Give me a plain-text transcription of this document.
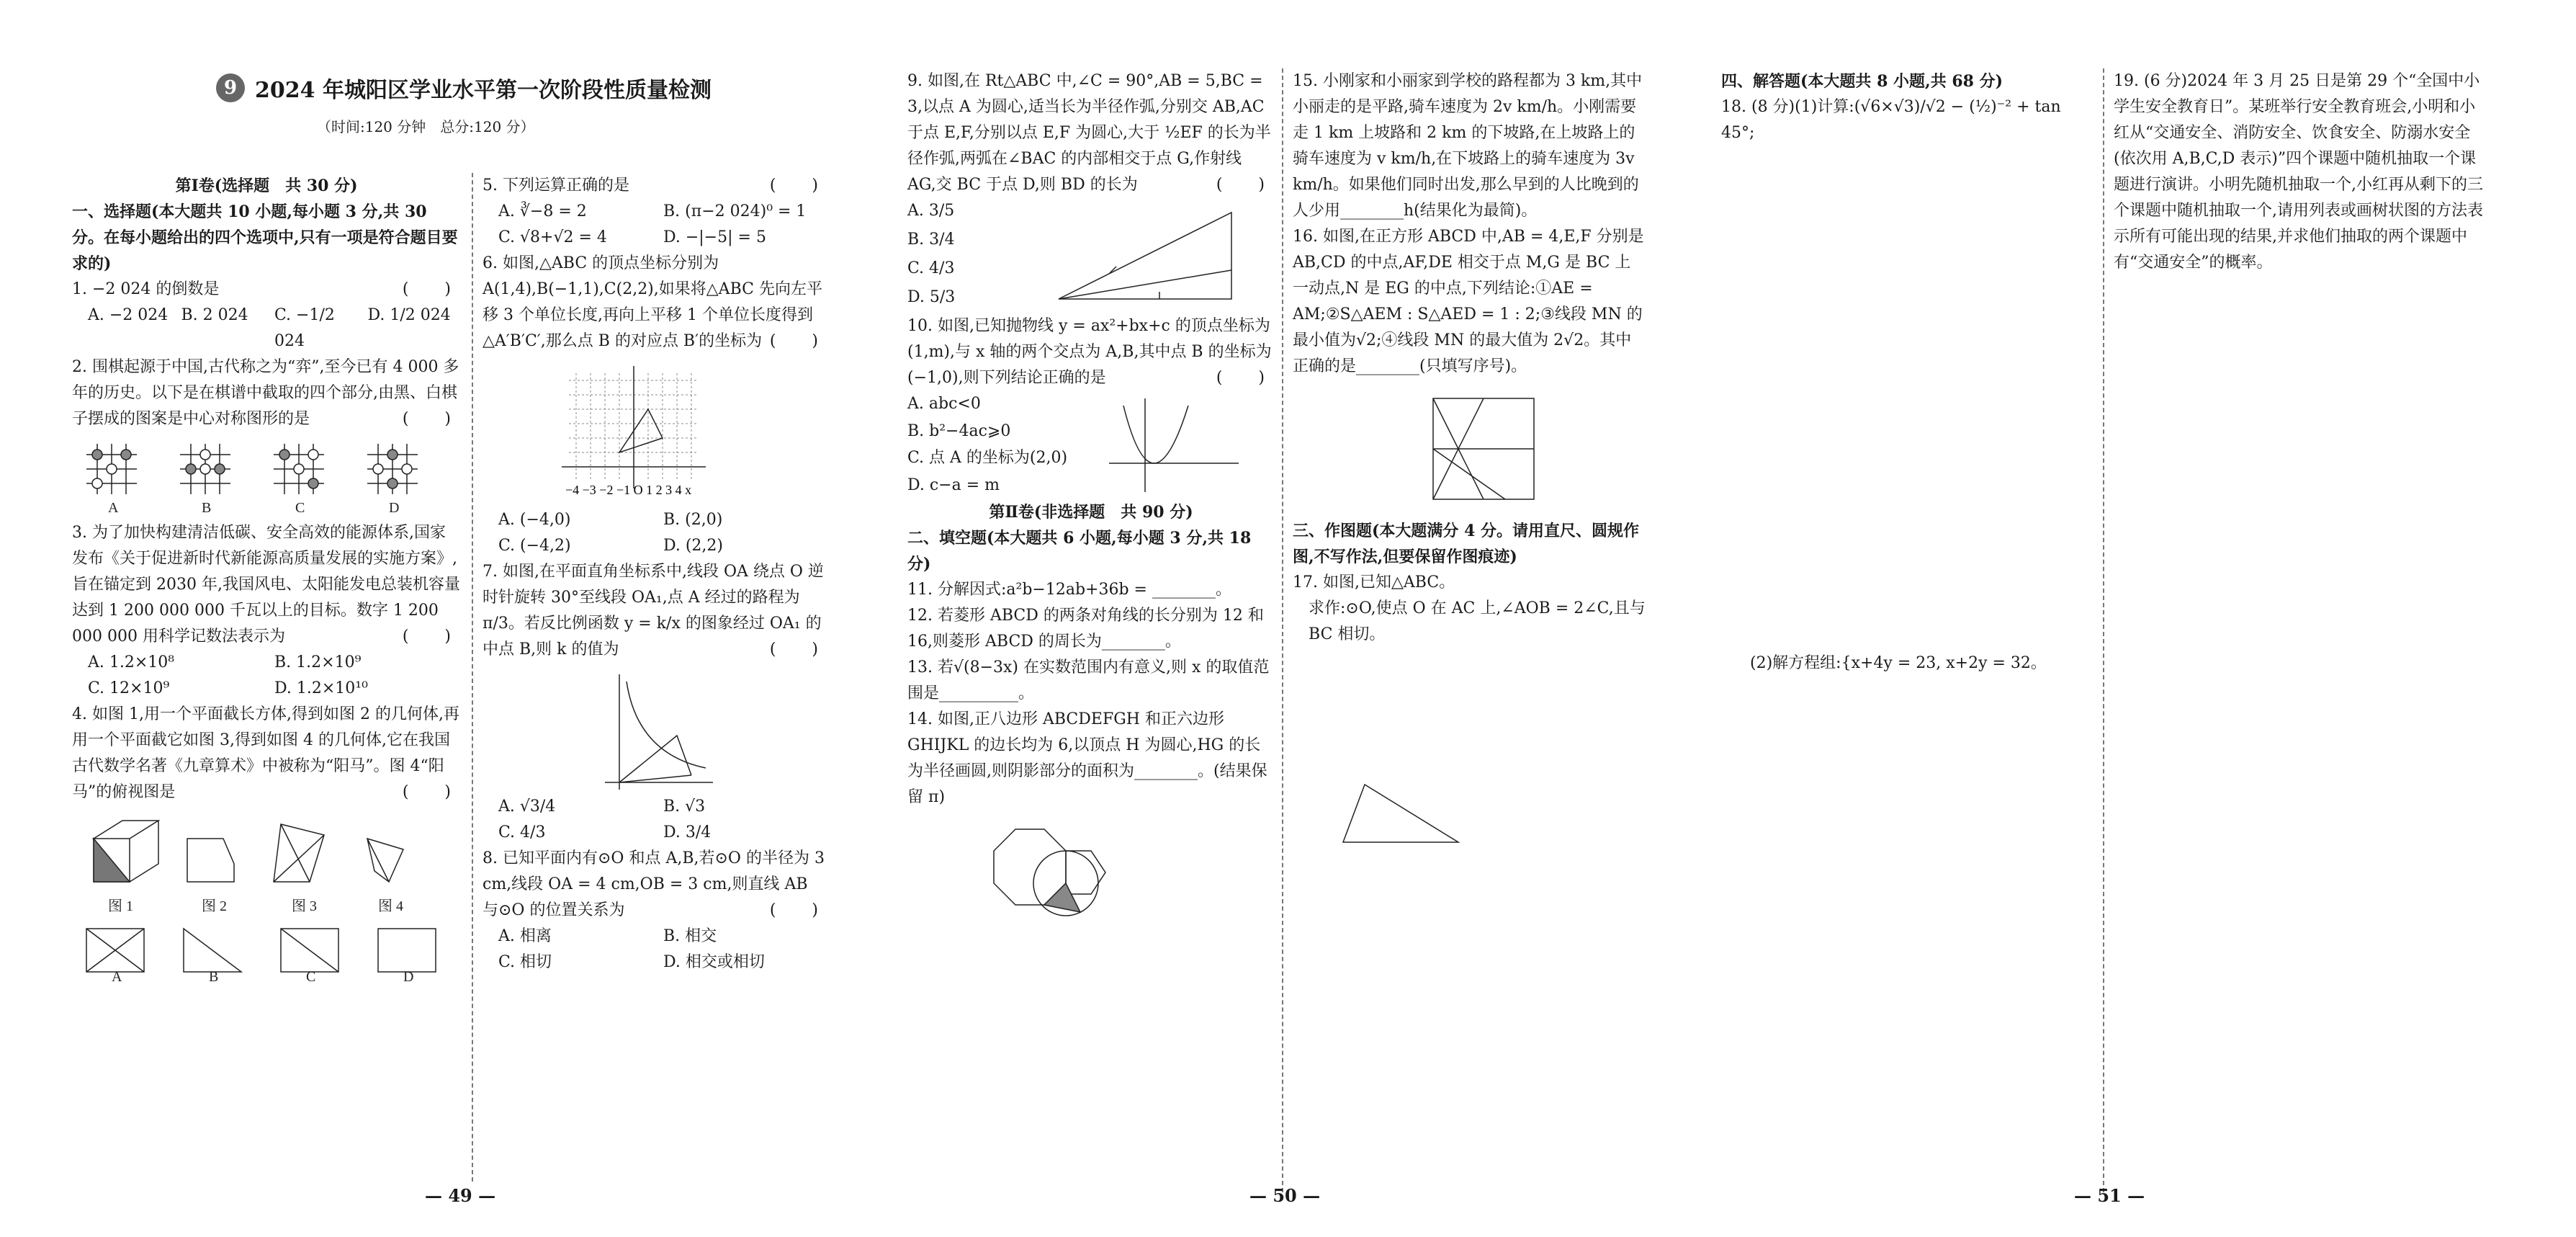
9 2024 年城阳区学业水平第一次阶段性质量检测
（时间:120 分钟　总分:120 分）

第Ⅰ卷(选择题　共 30 分)

一、选择题(本大题共 10 小题,每小题 3 分,共 30 分。在每小题给出的四个选项中,只有一项是符合题目要求的)

1. −2 024 的倒数是	(　)

A. −2 024 B. 2 024	C. −1/2 024
D. 1/2 024

2. 围棋起源于中国,古代称之为“弈”,至今已有 4 000 多年的历史。以下是在棋谱中截取的四个部分,由黑、白棋子摆成的图案是中心对称图形的是	(　)

A	B	C	D

3. 为了加快构建清洁低碳、安全高效的能源体系,国家发布《关于促进新时代新能源高质量发展的实施方案》,旨在锚定到 2030 年,我国风电、太阳能发电总装机容量达到 1 200 000 000 千瓦以上的目标。数字 1 200 000 000 用科学记数法表示为	(　)

A. 1.2×10⁸	B. 1.2×10⁹
C. 12×10⁹	D. 1.2×10¹⁰

4. 如图 1,用一个平面截长方体,得到如图 2 的几何体,再用一个平面截它如图 3,得到如图 4 的几何体,它在我国古代数学名著《九章算术》中被称为“阳马”。图 4“阳马”的俯视图是	(　)

图 1	图 2	图 3	图 4
A	B	C	D

5. 下列运算正确的是	(　)

A. ∛−8 = 2	B. (π−2 024)⁰ = 1
C. √8+√2 = 4	D. −|−5| = 5

6. 如图,△ABC 的顶点坐标分别为 A(1,4),B(−1,1),C(2,2),如果将△ABC 先向左平移 3 个单位长度,再向上平移 1 个单位长度得到△A′B′C′,那么点 B 的对应点 B′的坐标为 (　)

−4 −3 −2 −1 O 1 2 3 4 x
A. (−4,0)	B. (2,0)
C. (−4,2)	D. (2,2)

7. 如图,在平面直角坐标系中,线段 OA 绕点 O 逆时针旋转 30°至线段 OA₁,点 A 经过的路程为 π/3。若反比例函数 y = k/x 的图象经过 OA₁ 的中点 B,则 k 的值为	(　)

A. √3/4	B. √3
C. 4/3	D. 3/4

8. 已知平面内有⊙O 和点 A,B,若⊙O 的半径为 3 cm,线段 OA = 4 cm,OB = 3 cm,则直线 AB 与⊙O 的位置关系为	(　)

A. 相离	B. 相交
C. 相切	D. 相交或相切
— 49 —

9. 如图,在 Rt△ABC 中,∠C = 90°,AB = 5,BC = 3,以点 A 为圆心,适当长为半径作弧,分别交 AB,AC 于点 E,F,分别以点 E,F 为圆心,大于 ½EF 的长为半径作弧,两弧在∠BAC 的内部相交于点 G,作射线 AG,交 BC 于点 D,则 BD 的长为	(　)

A. 3/5
B. 3/4
C. 4/3
D. 5/3

10. 如图,已知抛物线 y = ax²+bx+c 的顶点坐标为(1,m),与 x 轴的两个交点为 A,B,其中点 B 的坐标为(−1,0),则下列结论正确的是	(　)

A. abc<0
B. b²−4ac⩾0
C. 点 A 的坐标为(2,0)
D. c−a = m

第Ⅱ卷(非选择题　共 90 分)

二、填空题(本大题共 6 小题,每小题 3 分,共 18 分)

11. 分解因式:a²b−12ab+36b = ________。

12. 若菱形 ABCD 的两条对角线的长分别为 12 和 16,则菱形 ABCD 的周长为________。

13. 若√(8−3x) 在实数范围内有意义,则 x 的取值范围是__________。

14. 如图,正八边形 ABCDEFGH 和正六边形 GHIJKL 的边长均为 6,以顶点 H 为圆心,HG 的长为半径画圆,则阴影部分的面积为________。(结果保留 π)

15. 小刚家和小丽家到学校的路程都为 3 km,其中小丽走的是平路,骑车速度为 2v km/h。小刚需要走 1 km 上坡路和 2 km 的下坡路,在上坡路上的骑车速度为 v km/h,在下坡路上的骑车速度为 3v km/h。如果他们同时出发,那么早到的人比晚到的人少用________h(结果化为最简)。

16. 如图,在正方形 ABCD 中,AB = 4,E,F 分别是 AB,CD 的中点,AF,DE 相交于点 M,G 是 BC 上一动点,N 是 EG 的中点,下列结论:①AE = AM;②S△AEM : S△AED = 1 : 2;③线段 MN 的最小值为√2;④线段 MN 的最大值为 2√2。其中正确的是________(只填写序号)。

三、作图题(本大题满分 4 分。请用直尺、圆规作图,不写作法,但要保留作图痕迹)

17. 如图,已知△ABC。

求作:⊙O,使点 O 在 AC 上,∠AOB = 2∠C,且与 BC 相切。

— 50 —

四、解答题(本大题共 8 小题,共 68 分)

18. (8 分)(1)计算:(√6×√3)/√2 − (½)⁻² + tan 45°;

(2)解方程组:{x+4y = 23, x+2y = 32。

19. (6 分)2024 年 3 月 25 日是第 29 个“全国中小学生安全教育日”。某班举行安全教育班会,小明和小红从“交通安全、消防安全、饮食安全、防溺水安全(依次用 A,B,C,D 表示)”四个课题中随机抽取一个课题进行演讲。小明先随机抽取一个,小红再从剩下的三个课题中随机抽取一个,请用列表或画树状图的方法表示所有可能出现的结果,并求他们抽取的两个课题中有“交通安全”的概率。

— 51 —
